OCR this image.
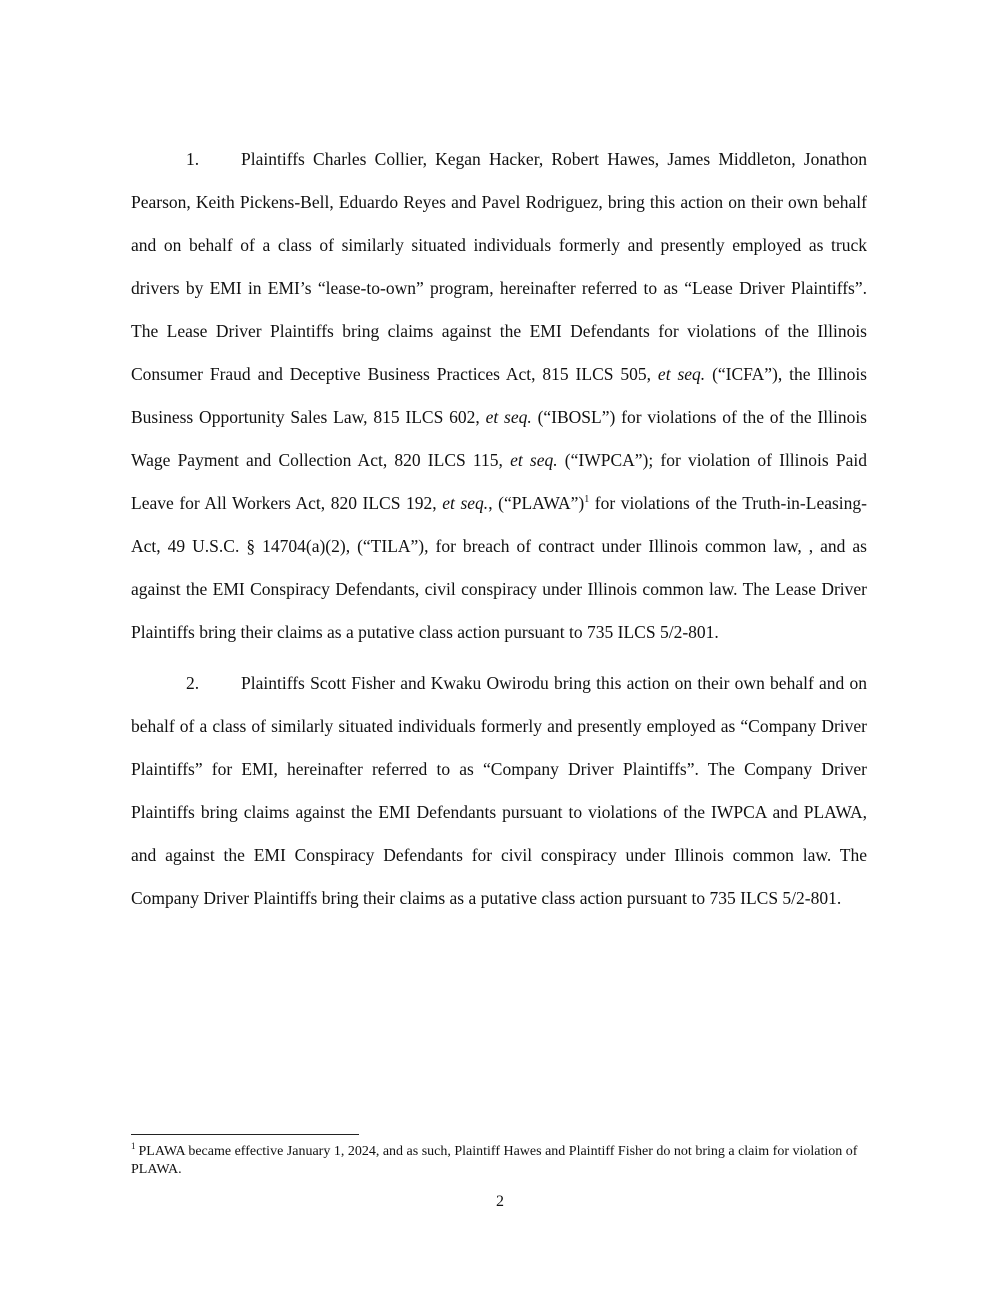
1. Plaintiffs Charles Collier, Kegan Hacker, Robert Hawes, James Middleton, Jonathon Pearson, Keith Pickens-Bell, Eduardo Reyes and Pavel Rodriguez, bring this action on their own behalf and on behalf of a class of similarly situated individuals formerly and presently employed as truck drivers by EMI in EMI’s “lease-to-own” program, hereinafter referred to as “Lease Driver Plaintiffs”. The Lease Driver Plaintiffs bring claims against the EMI Defendants for violations of the Illinois Consumer Fraud and Deceptive Business Practices Act, 815 ILCS 505, et seq. (“ICFA”), the Illinois Business Opportunity Sales Law, 815 ILCS 602, et seq. (“IBOSL”) for violations of the of the Illinois Wage Payment and Collection Act, 820 ILCS 115, et seq. (“IWPCA”); for violation of Illinois Paid Leave for All Workers Act, 820 ILCS 192, et seq., (“PLAWA”)$^1$ for violations of the Truth-in-Leasing-Act, 49 U.S.C. § 14704(a)(2), (“TILA”), for breach of contract under Illinois common law, , and as against the EMI Conspiracy Defendants, civil conspiracy under Illinois common law. The Lease Driver Plaintiffs bring their claims as a putative class action pursuant to 735 ILCS 5/2-801.

2. Plaintiffs Scott Fisher and Kwaku Owirodu bring this action on their own behalf and on behalf of a class of similarly situated individuals formerly and presently employed as “Company Driver Plaintiffs” for EMI, hereinafter referred to as “Company Driver Plaintiffs”. The Company Driver Plaintiffs bring claims against the EMI Defendants pursuant to violations of the IWPCA and PLAWA, and against the EMI Conspiracy Defendants for civil conspiracy under Illinois common law. The Company Driver Plaintiffs bring their claims as a putative class action pursuant to 735 ILCS 5/2-801.

$^1$ PLAWA became effective January 1, 2024, and as such, Plaintiff Hawes and Plaintiff Fisher do not bring a claim for violation of PLAWA.

2
